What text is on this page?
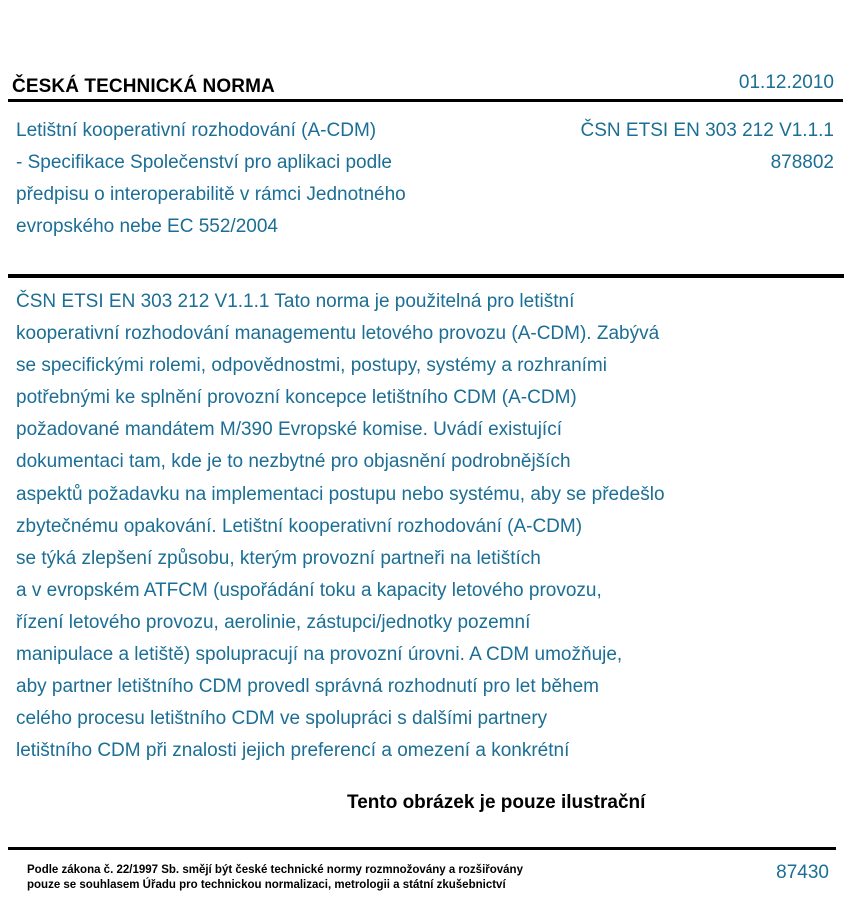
ČESKÁ TECHNICKÁ NORMA	01.12.2010
Letištní kooperativní rozhodování (A-CDM)
- Specifikace Společenství pro aplikaci podle
předpisu o interoperabilitě v rámci Jednotného
evropského nebe EC 552/2004
ČSN ETSI EN 303 212 V1.1.1
878802
ČSN ETSI EN 303 212 V1.1.1 Tato norma je použitelná pro letištní
kooperativní rozhodování managementu letového provozu (A-CDM). Zabývá
se specifickými rolemi, odpovědnostmi, postupy, systémy a rozhraními
potřebnými ke splnění provozní koncepce letištního CDM (A-CDM)
požadované mandátem M/390 Evropské komise. Uvádí existující
dokumentaci tam, kde je to nezbytné pro objasnění podrobnějších
aspektů požadavku na implementaci postupu nebo systému, aby se předešlo
zbytečnému opakování. Letištní kooperativní rozhodování (A-CDM)
se týká zlepšení způsobu, kterým provozní partneři na letištích
a v evropském ATFCM (uspořádání toku a kapacity letového provozu,
řízení letového provozu, aerolinie, zástupci/jednotky pozemní
manipulace a letiště) spolupracují na provozní úrovni. A CDM umožňuje,
aby partner letištního CDM provedl správná rozhodnutí pro let během
celého procesu letištního CDM ve spolupráci s dalšími partnery
letištního CDM při znalosti jejich preferencí a omezení a konkrétní
Tento obrázek je pouze ilustrační
Podle zákona č. 22/1997 Sb. smějí být české technické normy rozmnožovány a rozšiřovány
pouze se souhlasem Úřadu pro technickou normalizaci, metrologii a státní zkušebnictví
87430
